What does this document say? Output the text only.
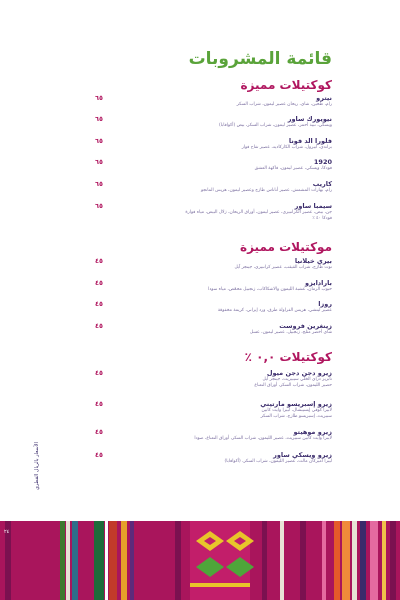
قائمة المشروبات
كوكتيلات مميزة
نيترو
رام، طحين، شاي، ريحان عصير ليمون، شراب السكر
٦٥
نيويورك ساور
ويسكي، نبيذ أحمر، عصير ليمون، شراب السكر، بيض (أكوافابا)
٦٥
فلورا الد فونا
براندي، أبيرول، شراب الكاركاديه، عصير تفاح فوار
٦٥
1920
فودكا، ويسكي، عصير ليمون، فاكهة العشق
٦٥
كاريب
رام، بهارات المشمش، عصير أناناس طازج وعصير ليمون، هريس المانجو
٦٥
سيمبا ساور
جن، بيض، عصير الكرانبيري، عصير ليمون، أوراق الريحان، زلال البيض، مياه فوارة
فودكا ٤٠ ٪
٦٥
موكتيلات مميزة
بيري خيلانيا
توت طازج، شراب القيقب، عصير كرانبيري، جينجر آيل
٤٥
بارادايزو
حبوب الرمان، عشبة الليمون والاشكاكاب، زنجبيل محمّص، مياه سودا
٤٥
روزا
عصير ليتشي، هريس الفراولة طرق، ورد إيراني، كريمة مخفوقة
٤٥
زينغرين فروست
شاي أخضر مثلج، زنجبيل، عصير ليمون، عسل
٤٥
كوكتيلات ٠,٠ ٪
زيرو دجن دجن ميول
تابريز دراي الخلي سيبيريت، جينجر آيل
حصير الليمون، شراب السكر، أوراق النعناع
٤٥
زيرو إسبريسو مارتيني
لابيرا كوفي إيسيبشال، ليبرا وايت كابين
سبيريت، إسبريسو طازج، شراب السكر
٤٥
زيرو موهيتو
لايبرا وايت كابين سبيريت، عصير الليمون، شراب السكر، أوراق النعناع، صودا
٤٥
زيرو ويسكي ساور
ليبرا أميركان مالت، عصير الليمون، شراب السكر، (أكوافابا)
٤٥
الأسعار بالريال القطري
٢٤
